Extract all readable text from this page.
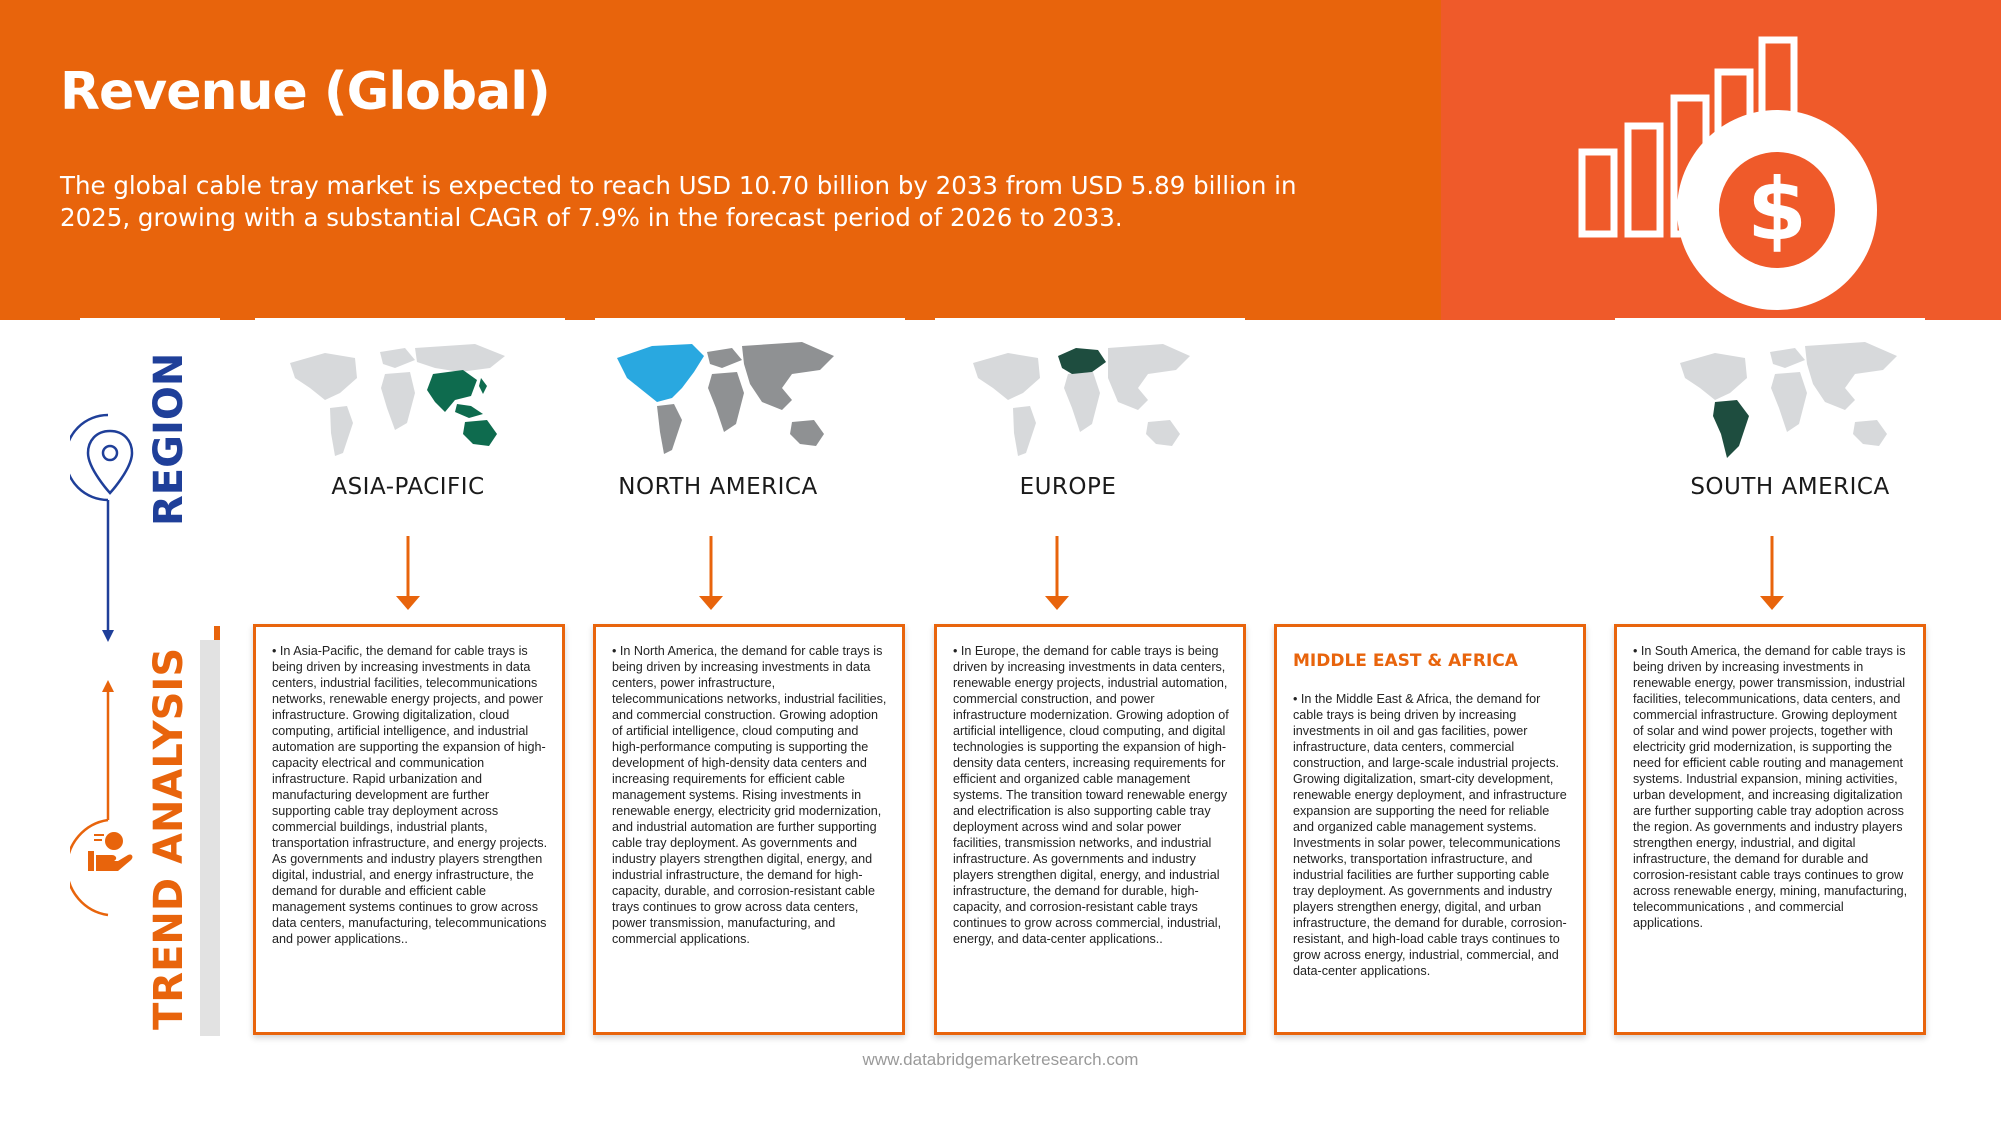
Revenue (Global)
The global cable tray market is expected to reach USD 10.70 billion by 2033 from USD 5.89 billion in 2025, growing with a substantial CAGR of 7.9% in the forecast period of 2026 to 2033.	$
REGION
TREND ANALYSIS
ASIA-PACIFIC	NORTH AMERICA	EUROPE	SOUTH AMERICA
• In Asia-Pacific, the demand for cable trays is being driven by increasing investments in data centers, industrial facilities, telecommunications networks, renewable energy projects, and power infrastructure. Growing digitalization, cloud computing, artificial intelligence, and industrial automation are supporting the expansion of high-capacity electrical and communication infrastructure. Rapid urbanization and manufacturing development are further supporting cable tray deployment across commercial buildings, industrial plants, transportation infrastructure, and energy projects. As governments and industry players strengthen digital, industrial, and energy infrastructure, the demand for durable and efficient cable management systems continues to grow across data centers, manufacturing, telecommunications and power applications..
• In North America, the demand for cable trays is being driven by increasing investments in data centers, power infrastructure, telecommunications networks, industrial facilities, and commercial construction. Growing adoption of artificial intelligence, cloud computing and high-performance computing is supporting the development of high-density data centers and increasing requirements for efficient cable management systems. Rising investments in renewable energy, electricity grid modernization, and industrial automation are further supporting cable tray deployment. As governments and industry players strengthen digital, energy, and industrial infrastructure, the demand for high-capacity, durable, and corrosion-resistant cable trays continues to grow across data centers, power transmission, manufacturing, and commercial applications.
• In Europe, the demand for cable trays is being driven by increasing investments in data centers, renewable energy projects, industrial automation, commercial construction, and power infrastructure modernization. Growing adoption of artificial intelligence, cloud computing, and digital technologies is supporting the expansion of high-density data centers, increasing requirements for efficient and organized cable management systems. The transition toward renewable energy and electrification is also supporting cable tray deployment across wind and solar power facilities, transmission networks, and industrial infrastructure. As governments and industry players strengthen digital, energy, and industrial infrastructure, the demand for durable, high-capacity, and corrosion-resistant cable trays continues to grow across commercial, industrial, energy, and data-center applications..
MIDDLE EAST & AFRICA
• In the Middle East & Africa, the demand for cable trays is being driven by increasing investments in oil and gas facilities, power infrastructure, data centers, commercial construction, and large-scale industrial projects. Growing digitalization, smart-city development, renewable energy deployment, and infrastructure expansion are supporting the need for reliable and organized cable management systems. Investments in solar power, telecommunications networks, transportation infrastructure, and industrial facilities are further supporting cable tray deployment. As governments and industry players strengthen energy, digital, and urban infrastructure, the demand for durable, corrosion-resistant, and high-load cable trays continues to grow across energy, industrial, commercial, and data-center applications.
• In South America, the demand for cable trays is being driven by increasing investments in renewable energy, power transmission, industrial facilities, telecommunications, data centers, and commercial infrastructure. Growing deployment of solar and wind power projects, together with electricity grid modernization, is supporting the need for efficient cable routing and management systems. Industrial expansion, mining activities, urban development, and increasing digitalization are further supporting cable tray adoption across the region. As governments and industry players strengthen energy, industrial, and digital infrastructure, the demand for durable and corrosion-resistant cable trays continues to grow across renewable energy, mining, manufacturing, telecommunications , and commercial applications.
www.databridgemarketresearch.com
